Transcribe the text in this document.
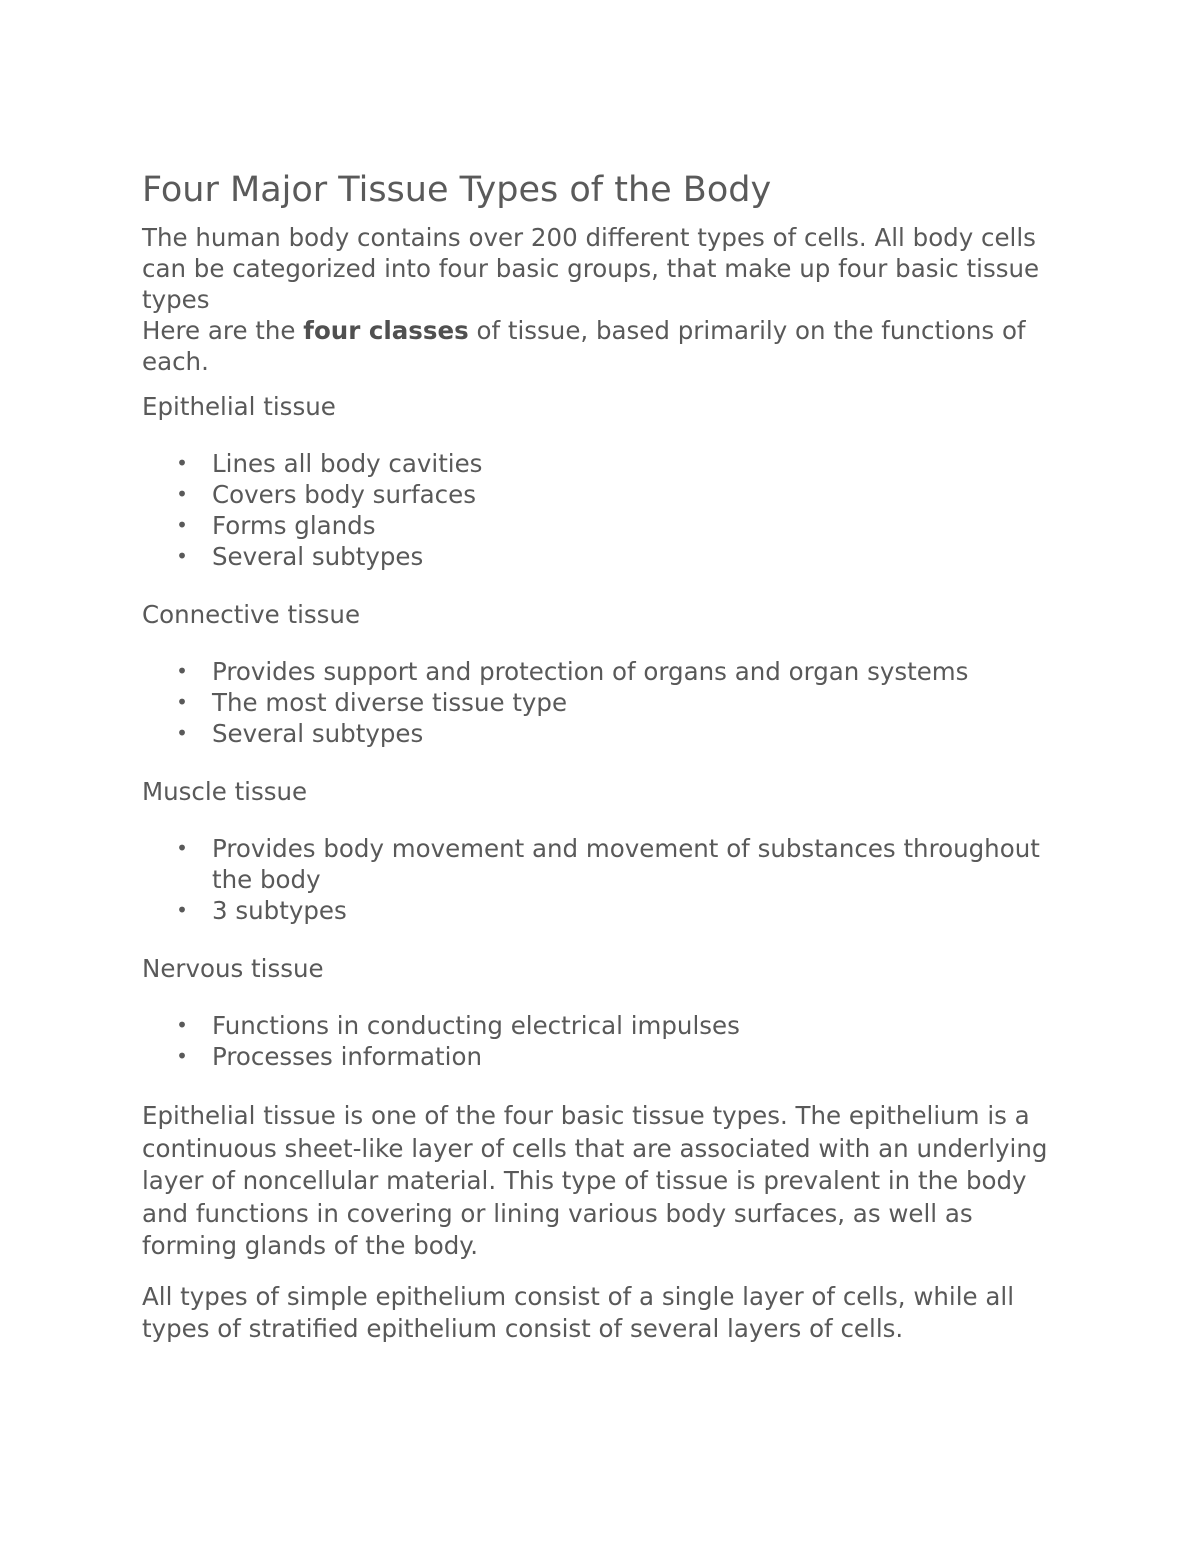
Four Major Tissue Types of the Body

The human body contains over 200 different types of cells. All body cells can be categorized into four basic groups, that make up four basic tissue types
Here are the four classes of tissue, based primarily on the functions of each.

Epithelial tissue

• Lines all body cavities
• Covers body surfaces
• Forms glands
• Several subtypes

Connective tissue

• Provides support and protection of organs and organ systems
• The most diverse tissue type
• Several subtypes

Muscle tissue

• Provides body movement and movement of substances throughout the body
• 3 subtypes

Nervous tissue

• Functions in conducting electrical impulses
• Processes information

Epithelial tissue is one of the four basic tissue types. The epithelium is a continuous sheet-like layer of cells that are associated with an underlying layer of noncellular material. This type of tissue is prevalent in the body and functions in covering or lining various body surfaces, as well as forming glands of the body.

All types of simple epithelium consist of a single layer of cells, while all types of stratified epithelium consist of several layers of cells.
